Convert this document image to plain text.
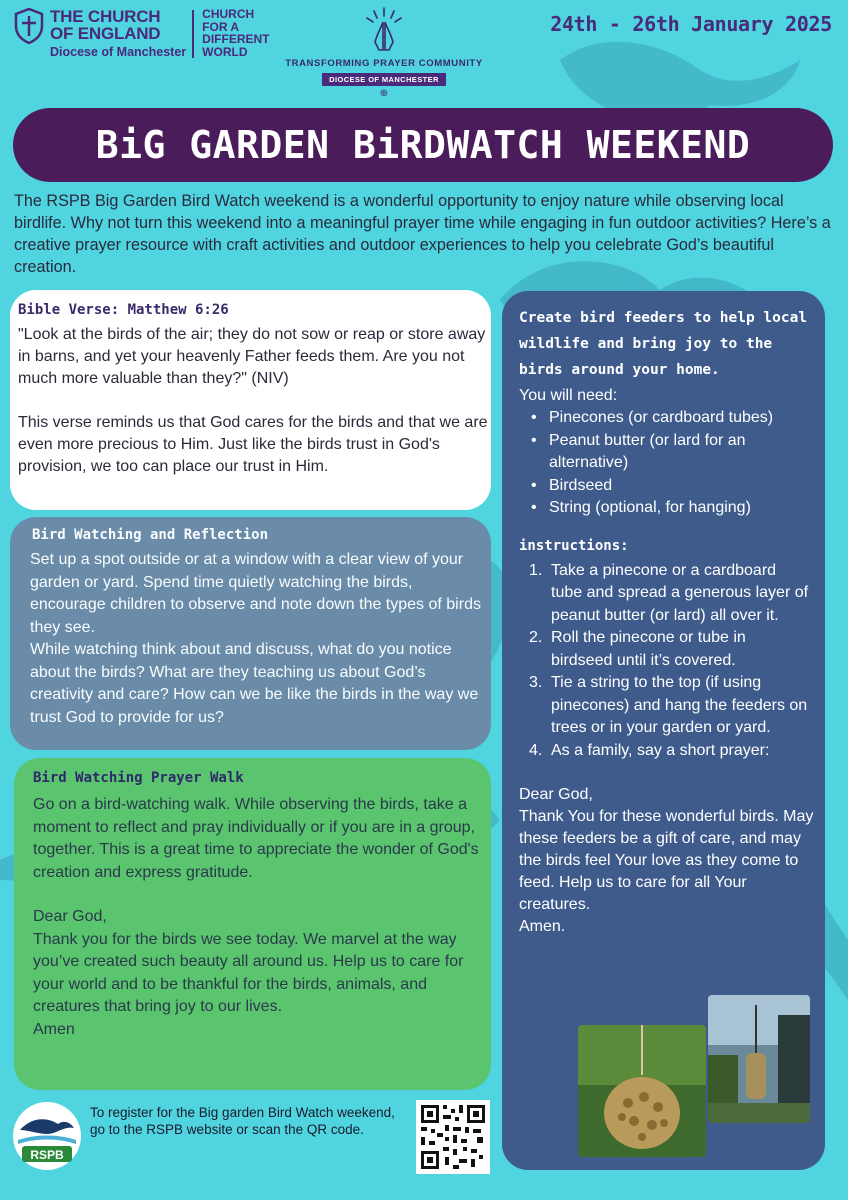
THE CHURCH
OF ENGLAND
Diocese of Manchester
CHURCH
FOR A
DIFFERENT
WORLD
TRANSFORMING PRAYER COMMUNITY
DIOCESE OF MANCHESTER
⊕
24th - 26th January 2025
BiG GARDEN BiRDWATCH WEEKEND
The RSPB Big Garden Bird Watch weekend is a wonderful opportunity to enjoy nature while observing local birdlife. Why not turn this weekend into a meaningful prayer time while engaging in fun outdoor activities? Here’s a creative prayer resource with craft activities and outdoor experiences to help you celebrate God’s beautiful creation.
Bible Verse: Matthew 6:26

"Look at the birds of the air; they do not sow or reap or store away in barns, and yet your heavenly Father feeds them. Are you not much more valuable than they?" (NIV)

This verse reminds us that God cares for the birds and that we are even more precious to Him. Just like the birds trust in God's provision, we too can place our trust in Him.

Bird Watching and Reflection

Set up a spot outside or at a window with a clear view of your garden or yard. Spend time quietly watching the birds, encourage children to observe and note down the types of birds they see.

While watching think about and discuss, what do you notice about the birds? What are they teaching us about God’s creativity and care? How can we be like the birds in the way we trust God to provide for us?

Bird Watching Prayer Walk

Go on a bird-watching walk. While observing the birds, take a moment to reflect and pray individually or if you are in a group, together. This is a great time to appreciate the wonder of God's creation and express gratitude.

Dear God,

Thank you for the birds we see today. We marvel at the way you’ve created such beauty all around us. Help us to care for your world and to be thankful for the birds, animals, and creatures that bring joy to our lives.

Amen

Create bird feeders to help local wildlife and bring joy to the birds around your home.
You will need:
• Pinecones (or cardboard tubes)
• Peanut butter (or lard for an alternative)
• Birdseed
• String (optional, for hanging)
instructions:
1. Take a pinecone or a cardboard tube and spread a generous layer of peanut butter (or lard) all over it.
2. Roll the pinecone or tube in birdseed until it’s covered.
3. Tie a string to the top (if using pinecones) and hang the feeders on trees or in your garden or yard.
4. As a family, say a short prayer:
Dear God,
Thank You for these wonderful birds. May these feeders be a gift of care, and may the birds feel Your love as they come to feed. Help us to care for all Your creatures.
Amen.
RSPB
To register for the Big garden Bird Watch weekend, go to the RSPB website or scan the QR code.
